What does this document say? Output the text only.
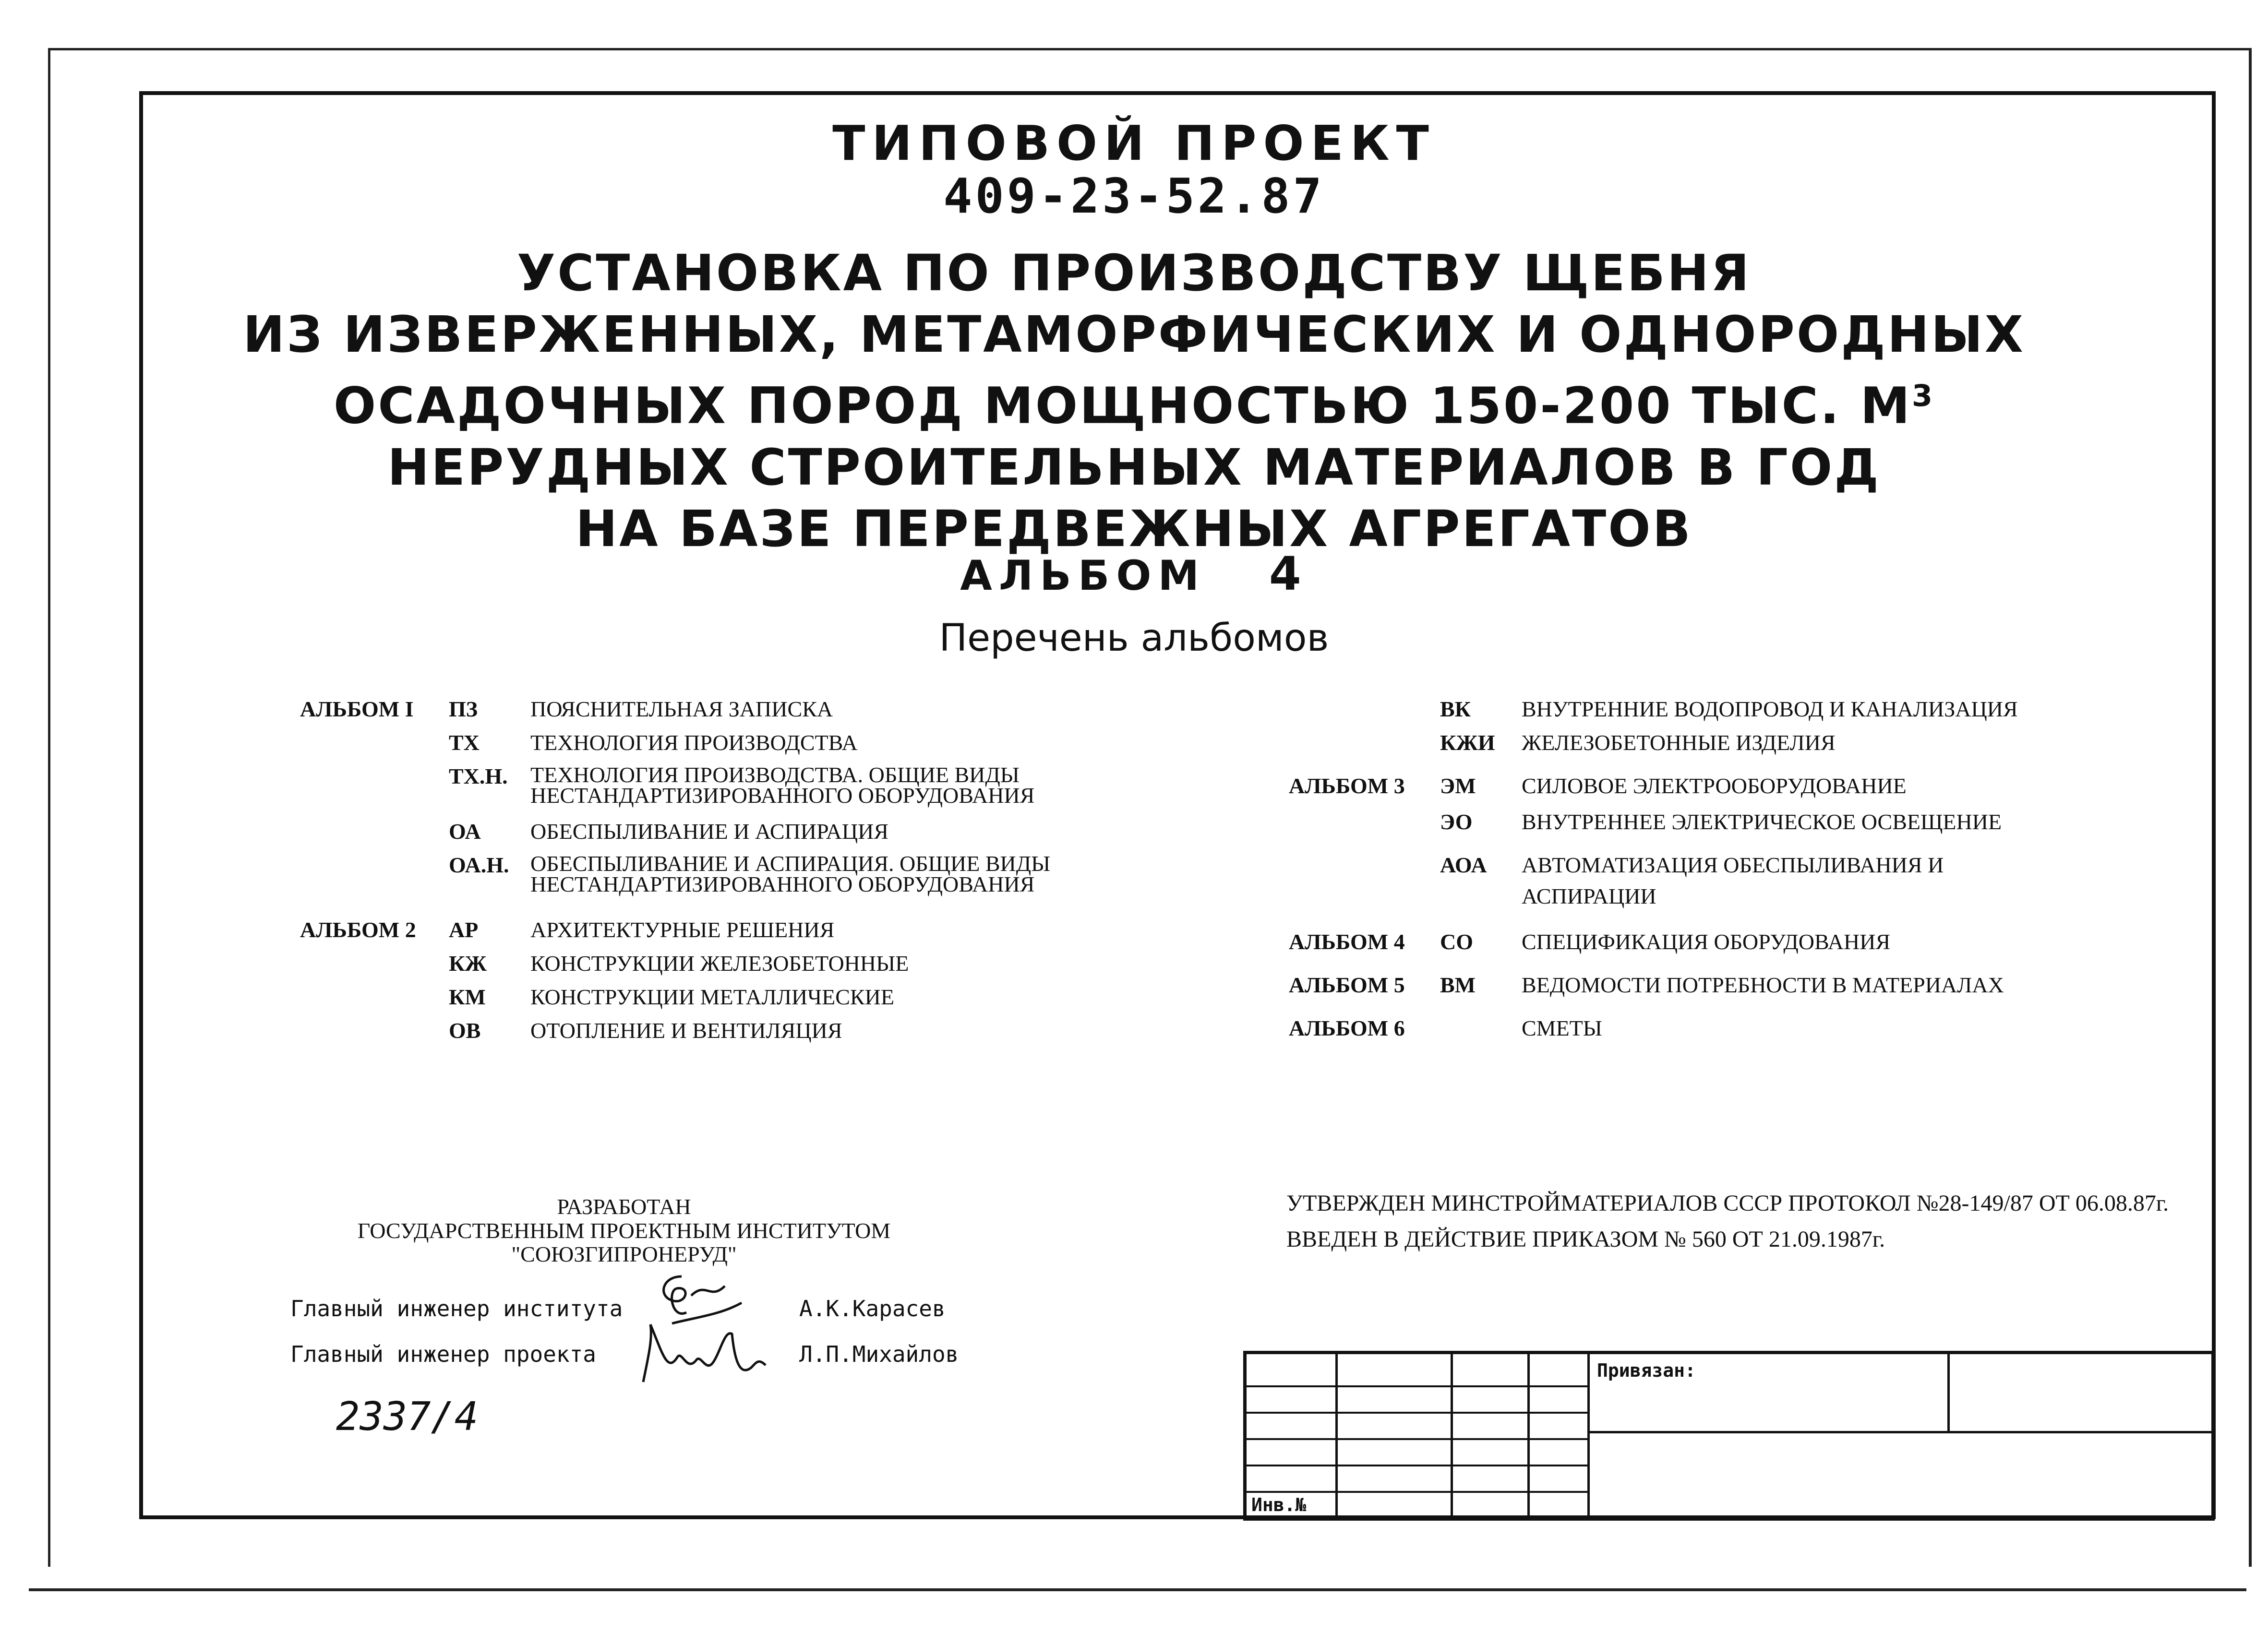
ТИПОВОЙ ПРОЕКТ
409-23-52.87
УСТАНОВКА ПО ПРОИЗВОДСТВУ ЩЕБНЯ
ИЗ ИЗВЕРЖЕННЫХ, МЕТАМОРФИЧЕСКИХ И ОДНОРОДНЫХ
ОСАДОЧНЫХ ПОРОД МОЩНОСТЬЮ 150-200 ТЫС. $М^3$
НЕРУДНЫХ СТРОИТЕЛЬНЫХ МАТЕРИАЛОВ В ГОД
НА БАЗЕ ПЕРЕДВЕЖНЫХ АГРЕГАТОВ
АЛЬБОМ 4
Перечень альбомов
АЛЬБОМ I ПЗ ПОЯСНИТЕЛЬНАЯ ЗАПИСКА
ТХ ТЕХНОЛОГИЯ ПРОИЗВОДСТВА
ТХ.Н. ТЕХНОЛОГИЯ ПРОИЗВОДСТВА. ОБЩИЕ ВИДЫ
НЕСТАНДАРТИЗИРОВАННОГО ОБОРУДОВАНИЯ
ОА ОБЕСПЫЛИВАНИЕ И АСПИРАЦИЯ
ОА.Н. ОБЕСПЫЛИВАНИЕ И АСПИРАЦИЯ. ОБЩИЕ ВИДЫ
НЕСТАНДАРТИЗИРОВАННОГО ОБОРУДОВАНИЯ
АЛЬБОМ 2 АР АРХИТЕКТУРНЫЕ РЕШЕНИЯ
КЖ КОНСТРУКЦИИ ЖЕЛЕЗОБЕТОННЫЕ
КМ КОНСТРУКЦИИ МЕТАЛЛИЧЕСКИЕ
ОВ ОТОПЛЕНИЕ И ВЕНТИЛЯЦИЯ
ВК ВНУТРЕННИЕ ВОДОПРОВОД И КАНАЛИЗАЦИЯ
КЖИ ЖЕЛЕЗОБЕТОННЫЕ ИЗДЕЛИЯ
АЛЬБОМ 3 ЭМ СИЛОВОЕ ЭЛЕКТРООБОРУДОВАНИЕ
ЭО ВНУТРЕННЕЕ ЭЛЕКТРИЧЕСКОЕ ОСВЕЩЕНИЕ
АОА АВТОМАТИЗАЦИЯ ОБЕСПЫЛИВАНИЯ И
АСПИРАЦИИ
АЛЬБОМ 4 СО СПЕЦИФИКАЦИЯ ОБОРУДОВАНИЯ
АЛЬБОМ 5 ВМ ВЕДОМОСТИ ПОТРЕБНОСТИ В МАТЕРИАЛАХ
АЛЬБОМ 6	СМЕТЫ
РАЗРАБОТАН
ГОСУДАРСТВЕННЫМ ПРОЕКТНЫМ ИНСТИТУТОМ
"СОЮЗГИПРОНЕРУД"
Главный инженер института	А.К.Карасев
Главный инженер проекта	Л.П.Михайлов
2337/4
УТВЕРЖДЕН МИНСТРОЙМАТЕРИАЛОВ СССР ПРОТОКОЛ №28-149/87 ОТ 06.08.87г.
ВВЕДЕН В ДЕЙСТВИЕ ПРИКАЗОМ № 560 ОТ 21.09.1987г.
Привязан:
Инв.№
